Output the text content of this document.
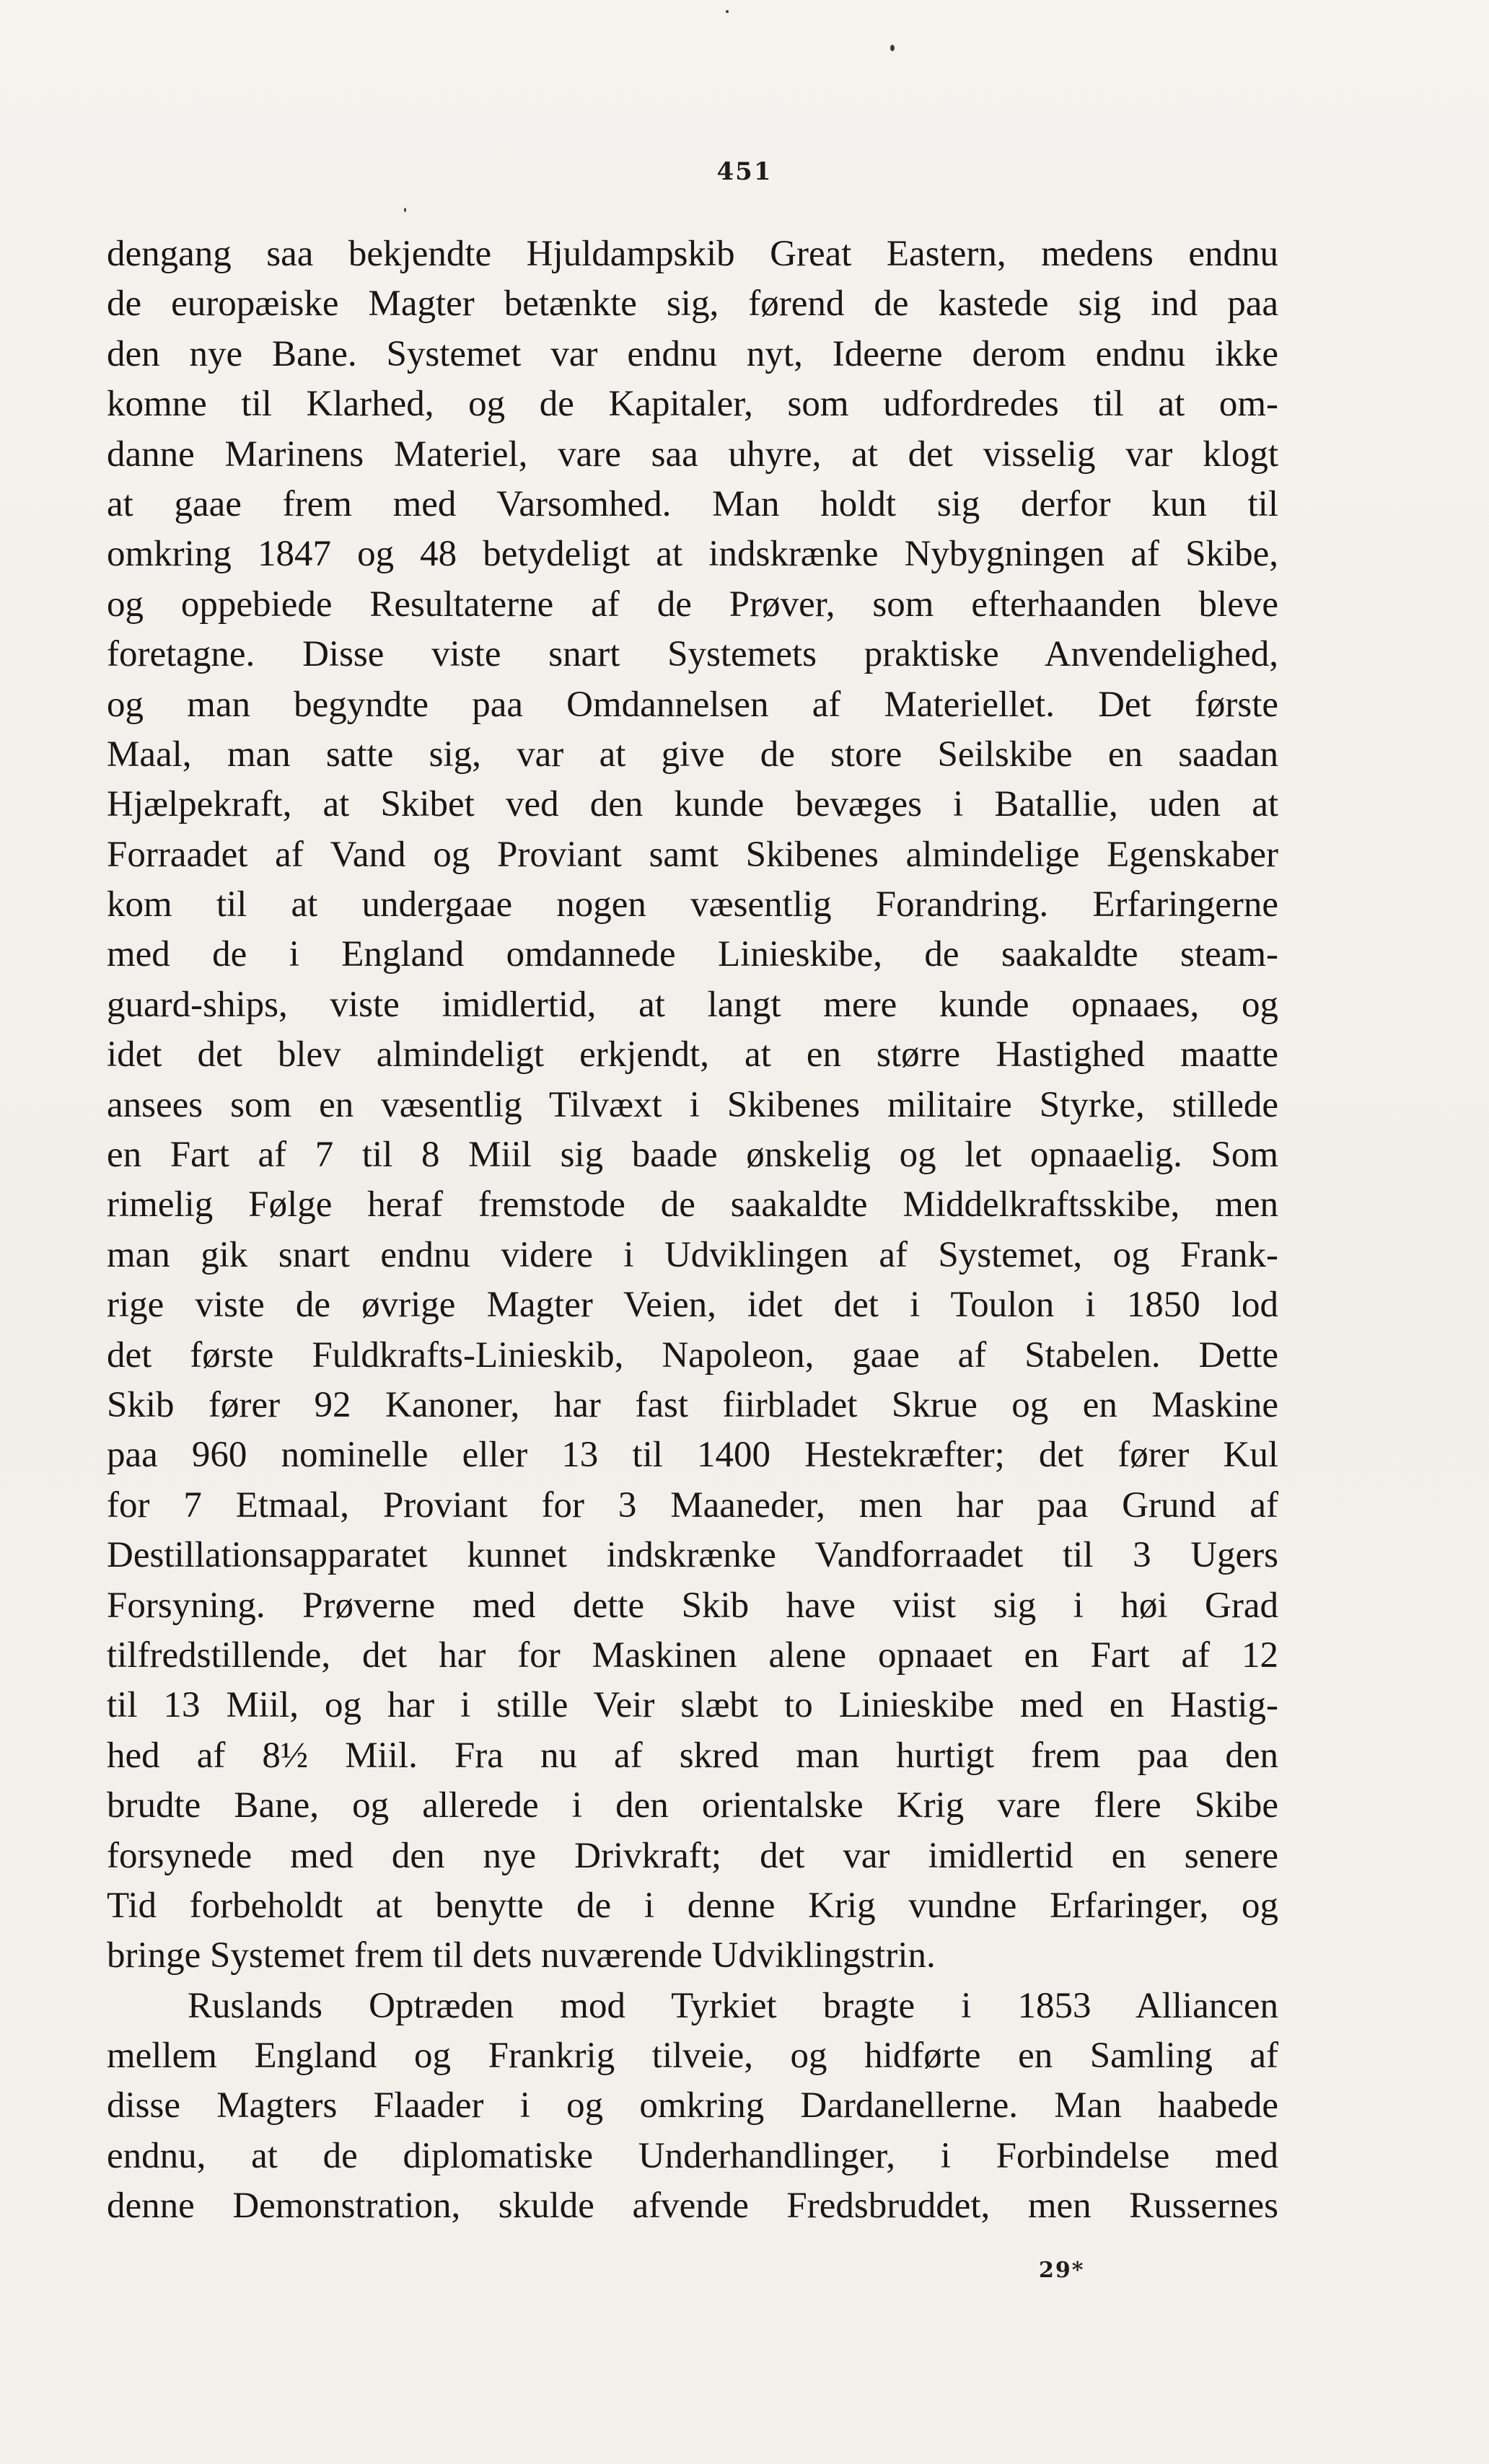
451
dengang saa bekjendte Hjuldampskib Great Eastern, medens endnu
de europæiske Magter betænkte sig, førend de kastede sig ind paa
den nye Bane. Systemet var endnu nyt, Ideerne derom endnu ikke
komne til Klarhed, og de Kapitaler, som udfordredes til at om-
danne Marinens Materiel, vare saa uhyre, at det visselig var klogt
at gaae frem med Varsomhed. Man holdt sig derfor kun til
omkring 1847 og 48 betydeligt at indskrænke Nybygningen af Skibe,
og oppebiede Resultaterne af de Prøver, som efterhaanden bleve
foretagne. Disse viste snart Systemets praktiske Anvendelighed,
og man begyndte paa Omdannelsen af Materiellet. Det første
Maal, man satte sig, var at give de store Seilskibe en saadan
Hjælpekraft, at Skibet ved den kunde bevæges i Batallie, uden at
Forraadet af Vand og Proviant samt Skibenes almindelige Egenskaber
kom til at undergaae nogen væsentlig Forandring. Erfaringerne
med de i England omdannede Linieskibe, de saakaldte steam-
guard-ships, viste imidlertid, at langt mere kunde opnaaes, og
idet det blev almindeligt erkjendt, at en større Hastighed maatte
ansees som en væsentlig Tilvæxt i Skibenes militaire Styrke, stillede
en Fart af 7 til 8 Miil sig baade ønskelig og let opnaaelig. Som
rimelig Følge heraf fremstode de saakaldte Middelkraftsskibe, men
man gik snart endnu videre i Udviklingen af Systemet, og Frank-
rige viste de øvrige Magter Veien, idet det i Toulon i 1850 lod
det første Fuldkrafts-Linieskib, Napoleon, gaae af Stabelen. Dette
Skib fører 92 Kanoner, har fast fiirbladet Skrue og en Maskine
paa 960 nominelle eller 13 til 1400 Hestekræfter; det fører Kul
for 7 Etmaal, Proviant for 3 Maaneder, men har paa Grund af
Destillationsapparatet kunnet indskrænke Vandforraadet til 3 Ugers
Forsyning. Prøverne med dette Skib have viist sig i høi Grad
tilfredstillende, det har for Maskinen alene opnaaet en Fart af 12
til 13 Miil, og har i stille Veir slæbt to Linieskibe med en Hastig-
hed af 8½ Miil. Fra nu af skred man hurtigt frem paa den
brudte Bane, og allerede i den orientalske Krig vare flere Skibe
forsynede med den nye Drivkraft; det var imidlertid en senere
Tid forbeholdt at benytte de i denne Krig vundne Erfaringer, og
bringe Systemet frem til dets nuværende Udviklingstrin.
Ruslands Optræden mod Tyrkiet bragte i 1853 Alliancen
mellem England og Frankrig tilveie, og hidførte en Samling af
disse Magters Flaader i og omkring Dardanellerne. Man haabede
endnu, at de diplomatiske Underhandlinger, i Forbindelse med
denne Demonstration, skulde afvende Fredsbruddet, men Russernes
29*
